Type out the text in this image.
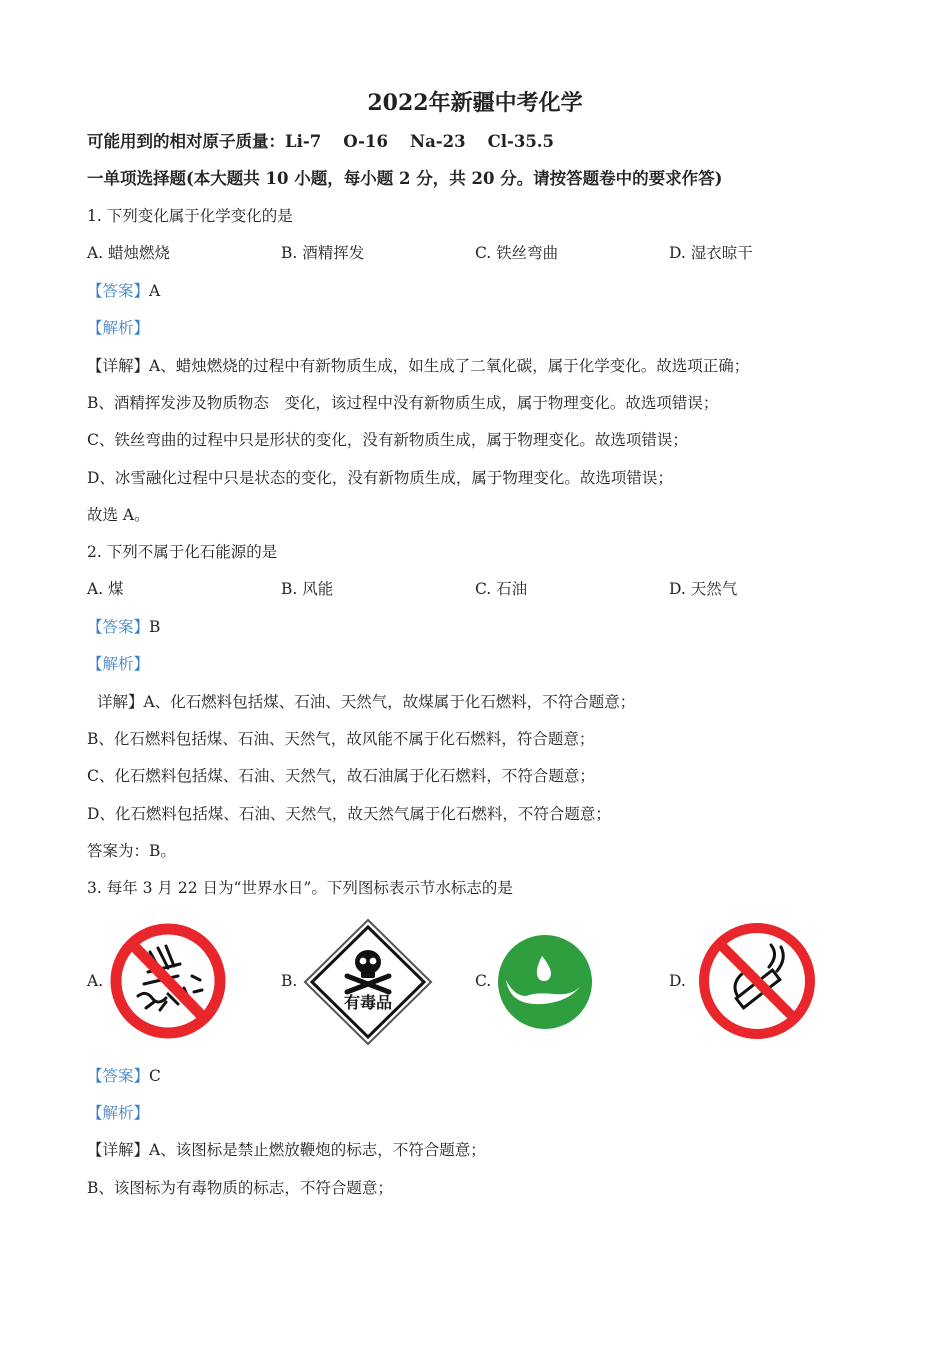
2022年新疆中考化学
可能用到的相对原子质量：Li-7 O-16 Na-23 Cl-35.5
一单项选择题(本大题共 10 小题，每小题 2 分，共 20 分。请按答题卷中的要求作答)
1. 下列变化属于化学变化的是
A. 蜡烛燃烧	B. 酒精挥发	C. 铁丝弯曲	D. 湿衣晾干
【答案】A
【解析】
【详解】A、蜡烛燃烧的过程中有新物质生成，如生成了二氧化碳，属于化学变化。故选项正确；
B、酒精挥发涉及物质物态　变化，该过程中没有新物质生成，属于物理变化。故选项错误；
C、铁丝弯曲的过程中只是形状的变化，没有新物质生成，属于物理变化。故选项错误；
D、冰雪融化过程中只是状态的变化，没有新物质生成，属于物理变化。故选项错误；
故选 A。
2. 下列不属于化石能源的是
A. 煤	B. 风能	C. 石油	D. 天然气
【答案】B
【解析】
详解】A、化石燃料包括煤、石油、天然气，故煤属于化石燃料，不符合题意；
B、化石燃料包括煤、石油、天然气，故风能不属于化石燃料，符合题意；
C、化石燃料包括煤、石油、天然气，故石油属于化石燃料，不符合题意；
D、化石燃料包括煤、石油、天然气，故天然气属于化石燃料，不符合题意；
答案为：B。
3. 每年 3 月 22 日为“世界水日”。下列图标表示节水标志的是
A.	B.	C.	D.
有毒品
【答案】C
【解析】
【详解】A、该图标是禁止燃放鞭炮的标志，不符合题意；
B、该图标为有毒物质的标志，不符合题意；
